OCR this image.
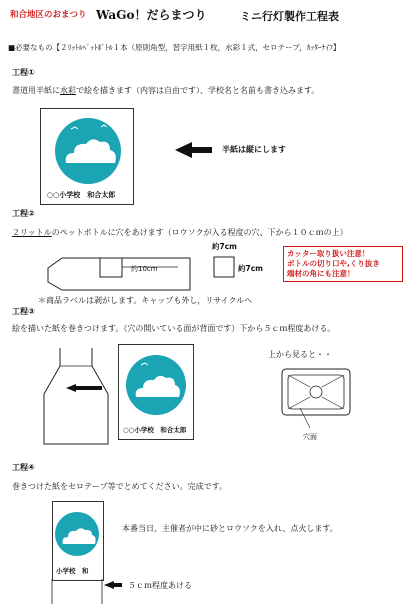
和合地区のおまつり WaGo！だらまつり	ミニ行灯製作工程表
■必要なもの【２ﾘｯﾄﾙﾍﾟｯﾄﾎﾞﾄﾙ１本（原則角型，習字用紙１枚，水彩１式，セロテープ，ｶｯﾀｰﾅｲﾌ】
工程①
書道用半紙に水彩で絵を描きます（内容は自由です）、学校名と名前も書き込みます。
○○小学校　和合太郎
半紙は縦にします
工程②
２リットルのペットボトルに穴をあけます（ロウソクが入る程度の穴、下から１０ｃｍの上）
約10cm
約7cm
約7cm
カッター取り扱い注意！
ボトルの切り口や,くり抜き
端材の角にも注意！
＊商品ラベルは剥がします。キャップも外し，リサイクルへ
工程③
絵を描いた紙を巻きつけます。（穴の開いている面が背面です）下から５ｃｍ程度あける。
○○小学校　和合太郎
上から見ると・・
穴面
工程④
巻きつけた紙をセロテープ等でとめてください。完成です。
小学校　和
本番当日、主催者が中に砂とロウソクを入れ、点火します。
５ｃｍ程度あける
